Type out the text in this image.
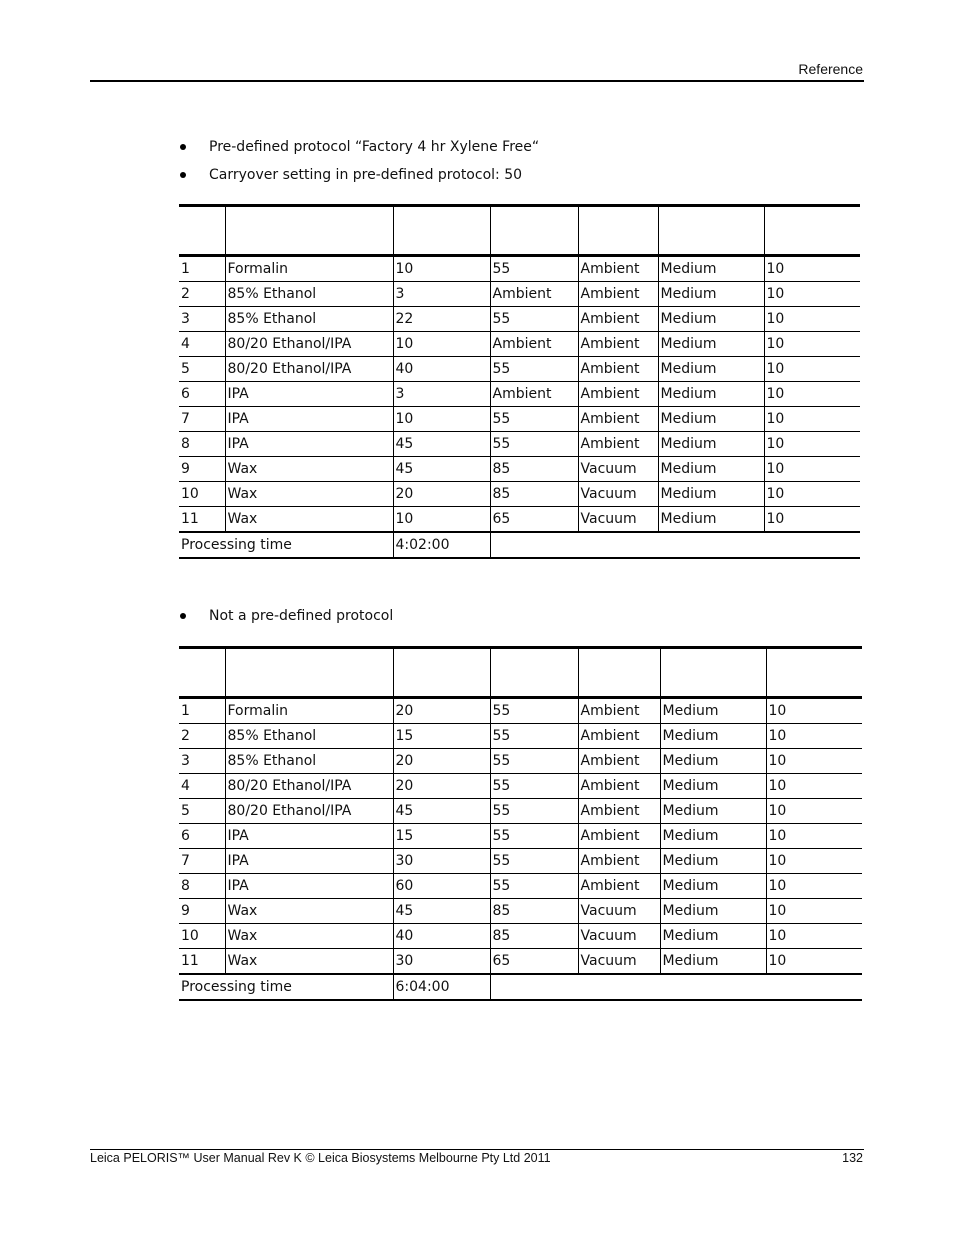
Reference
Pre-defined protocol “Factory 4 hr Xylene Free“
Carryover setting in pre-defined protocol: 50

1	Formalin	10	55	Ambient	Medium	10
2	85% Ethanol	3	Ambient	Ambient	Medium	10
3	85% Ethanol	22	55	Ambient	Medium	10
4	80/20 Ethanol/IPA	10	Ambient	Ambient	Medium	10
5	80/20 Ethanol/IPA	40	55	Ambient	Medium	10
6	IPA	3	Ambient	Ambient	Medium	10
7	IPA	10	55	Ambient	Medium	10
8	IPA	45	55	Ambient	Medium	10
9	Wax	45	85	Vacuum	Medium	10
10	Wax	20	85	Vacuum	Medium	10
11	Wax	10	65	Vacuum	Medium	10
Processing time		4:02:00				
Not a pre-defined protocol

1	Formalin	20	55	Ambient	Medium	10
2	85% Ethanol	15	55	Ambient	Medium	10
3	85% Ethanol	20	55	Ambient	Medium	10
4	80/20 Ethanol/IPA	20	55	Ambient	Medium	10
5	80/20 Ethanol/IPA	45	55	Ambient	Medium	10
6	IPA	15	55	Ambient	Medium	10
7	IPA	30	55	Ambient	Medium	10
8	IPA	60	55	Ambient	Medium	10
9	Wax	45	85	Vacuum	Medium	10
10	Wax	40	85	Vacuum	Medium	10
11	Wax	30	65	Vacuum	Medium	10
Processing time		6:04:00				
Leica PELORIS™ User Manual Rev K © Leica Biosystems Melbourne Pty Ltd 2011	132
